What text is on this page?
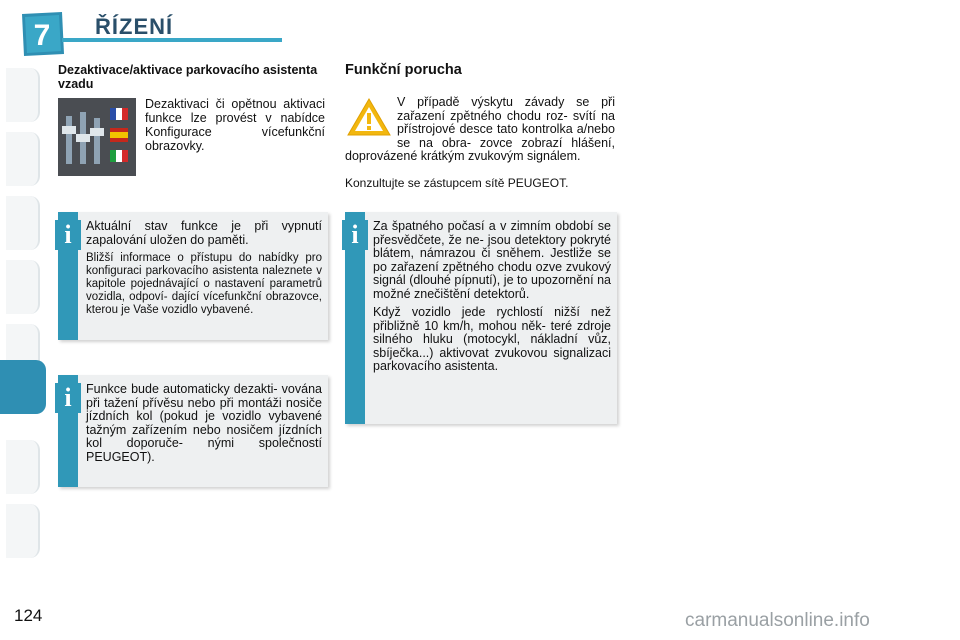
7 ŘÍZENÍ
Dezaktivace/aktivace parkovacího asistenta vzadu
Dezaktivaci či opětnou aktivaci funkce lze provést v nabídce Konfigurace vícefunkční obrazovky.
i	Aktuální stav funkce je při vypnutí zapalování uložen do paměti.

Bližší informace o přístupu do nabídky pro konfiguraci parkovacího asistenta naleznete v kapitole pojednávající o nastavení parametrů vozidla, odpoví- dající vícefunkční obrazovce, kterou je Vaše vozidlo vybavené.

i	Funkce bude automaticky dezakti- vována při tažení přívěsu nebo při montáži nosiče jízdních kol (pokud je vozidlo vybavené tažným zařízením nebo nosičem jízdních kol doporuče- nými společností PEUGEOT).

Funkční porucha

V případě výskytu závady se při zařazení zpětného chodu roz- svítí na přístrojové desce tato kontrolka a/nebo se na obra- zovce zobrazí hlášení, doprovázené krátkým zvukovým signálem.

Konzultujte se zástupcem sítě PEUGEOT.

i	Za špatného počasí a v zimním období se přesvědčete, že ne- jsou detektory pokryté blátem, námrazou či sněhem. Jestliže se po zařazení zpětného chodu ozve zvukový signál (dlouhé pípnutí), je to upozornění na možné znečištění detektorů.

Když vozidlo jede rychlostí nižší než přibližně 10 km/h, mohou něk- teré zdroje silného hluku (motocykl, nákladní vůz, sbíječka...) aktivovat zvukovou signalizaci parkovacího asistenta.

124	carmanualsonline.info
